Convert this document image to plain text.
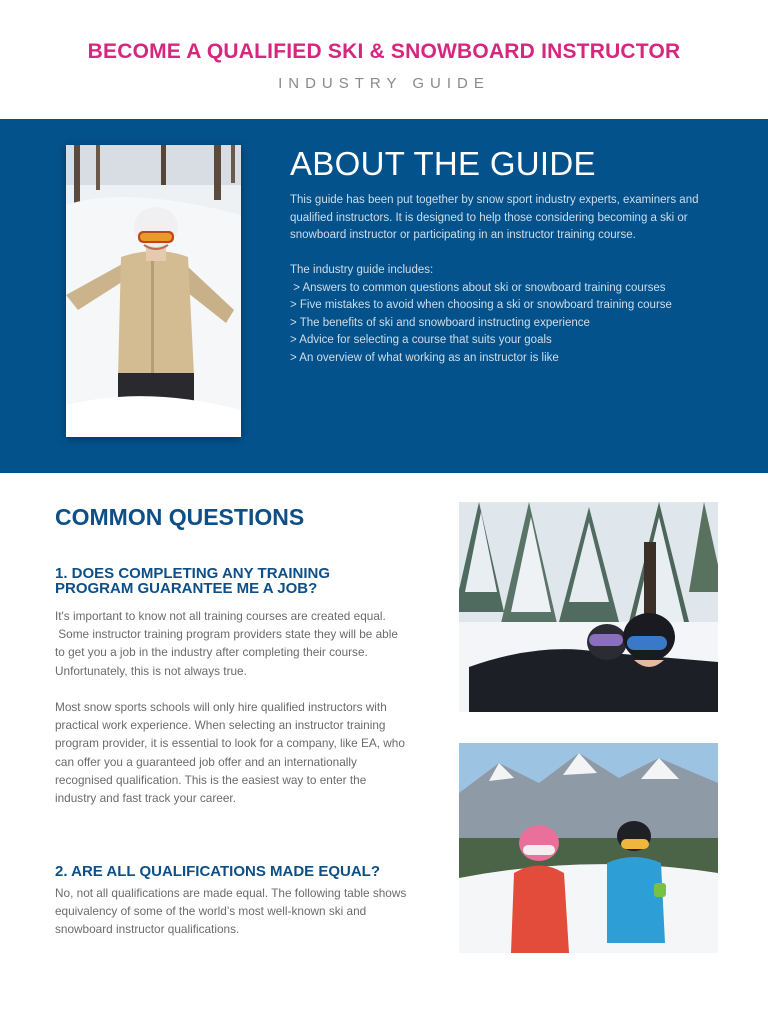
BECOME A QUALIFIED SKI & SNOWBOARD INSTRUCTOR
INDUSTRY GUIDE
ABOUT THE GUIDE

This guide has been put together by snow sport industry experts, examiners and

qualified instructors. It is designed to help those considering becoming a ski or

snowboard instructor or participating in an instructor training course.

The industry guide includes:

> Answers to common questions about ski or snowboard training courses

> Five mistakes to avoid when choosing a ski or snowboard training course

> The benefits of ski and snowboard instructing experience

> Advice for selecting a course that suits your goals

> An overview of what working as an instructor is like

COMMON QUESTIONS
1. DOES COMPLETING ANY TRAINING
PROGRAM GUARANTEE ME A JOB?

It's important to know not all training courses are created equal.

Some instructor training program providers state they will be able

to get you a job in the industry after completing their course.

Unfortunately, this is not always true.

Most snow sports schools will only hire qualified instructors with

practical work experience. When selecting an instructor training

program provider, it is essential to look for a company, like EA, who

can offer you a guaranteed job offer and an internationally

recognised qualification. This is the easiest way to enter the

industry and fast track your career.

2. ARE ALL QUALIFICATIONS MADE EQUAL?

No, not all qualifications are made equal. The following table shows

equivalency of some of the world’s most well-known ski and

snowboard instructor qualifications.
